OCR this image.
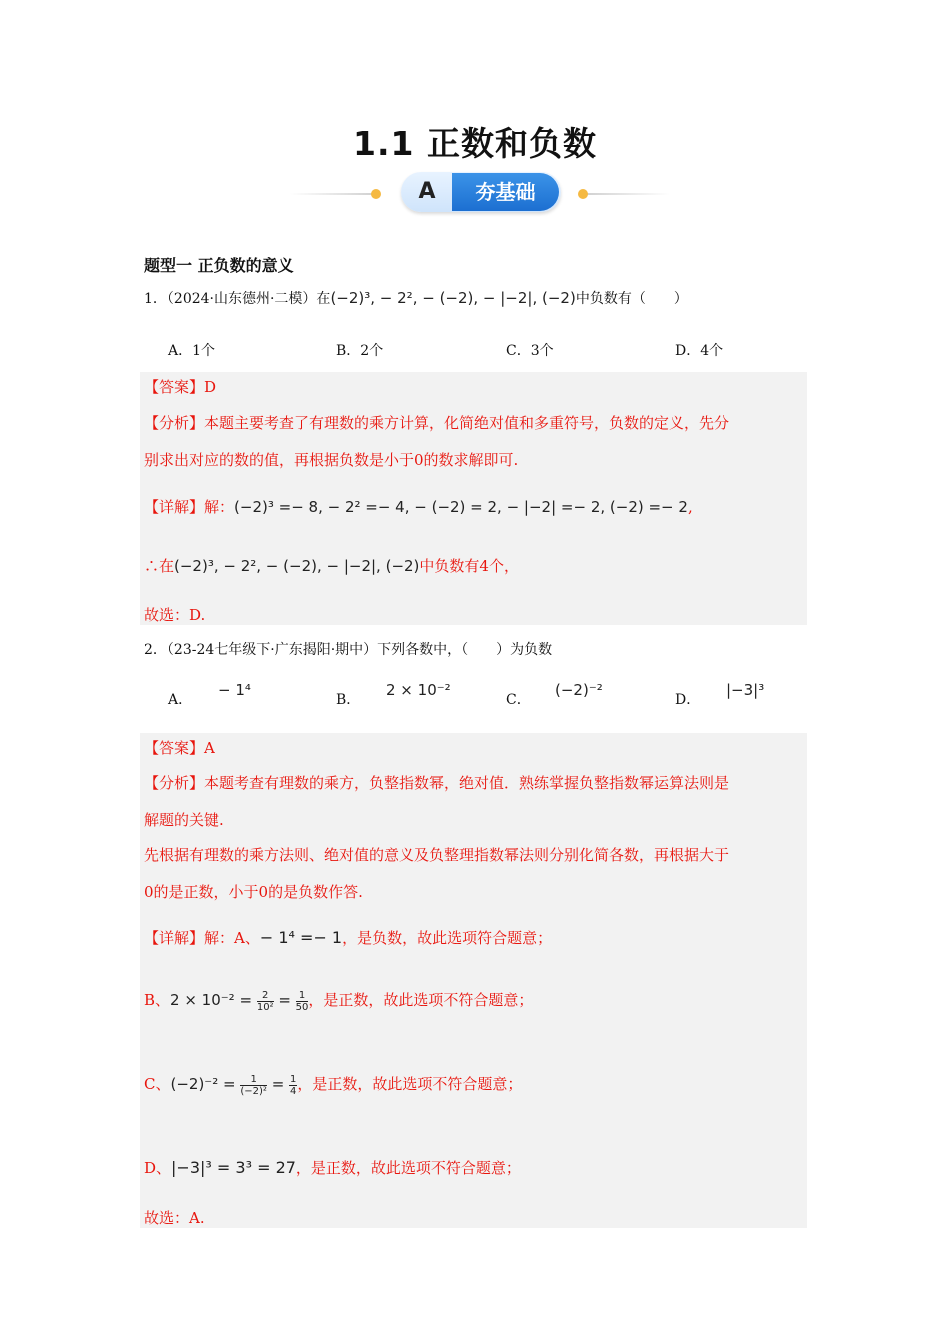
1.1 正数和负数
A	夯基础
题型一 正负数的意义
1．（2024·山东德州·二模）在(−2)³, − 2², − (−2), − |−2|, (−2)中负数有（　　）
A．1个	B．2个	C．3个	D．4个
【答案】D
【分析】本题主要考查了有理数的乘方计算，化简绝对值和多重符号，负数的定义，先分
别求出对应的数的值，再根据负数是小于0的数求解即可.
【详解】解：(−2)³ =− 8, − 2² =− 4, − (−2) = 2, − |−2| =− 2, (−2) =− 2,
∴在(−2)³, − 2², − (−2), − |−2|, (−2)中负数有4个，
故选：D.
2．（23-24七年级下·广东揭阳·期中）下列各数中，（　　）为负数
A．
− 1⁴
B．
2 × 10⁻²
C．
(−2)⁻²
D．
|−3|³
【答案】A
【分析】本题考查有理数的乘方，负整指数幂，绝对值．熟练掌握负整指数幂运算法则是
解题的关键.
先根据有理数的乘方法则、绝对值的意义及负整理指数幂法则分别化简各数，再根据大于
0的是正数，小于0的是负数作答.
【详解】解：A、− 1⁴ =− 1，是负数，故此选项符合题意；
B、$2 \times 10^{-2} = \frac{2}{\text{10²}} = \frac{1}{50}$ ，是正数，故此选项不符合题意；
C、$(-2)^{-2} = \frac{1}{\text{(−2)²}} = \frac{1}{4}$ ，是正数，故此选项不符合题意；
D、|−3|³ = 3³ = 27，是正数，故此选项不符合题意；
故选：A.
